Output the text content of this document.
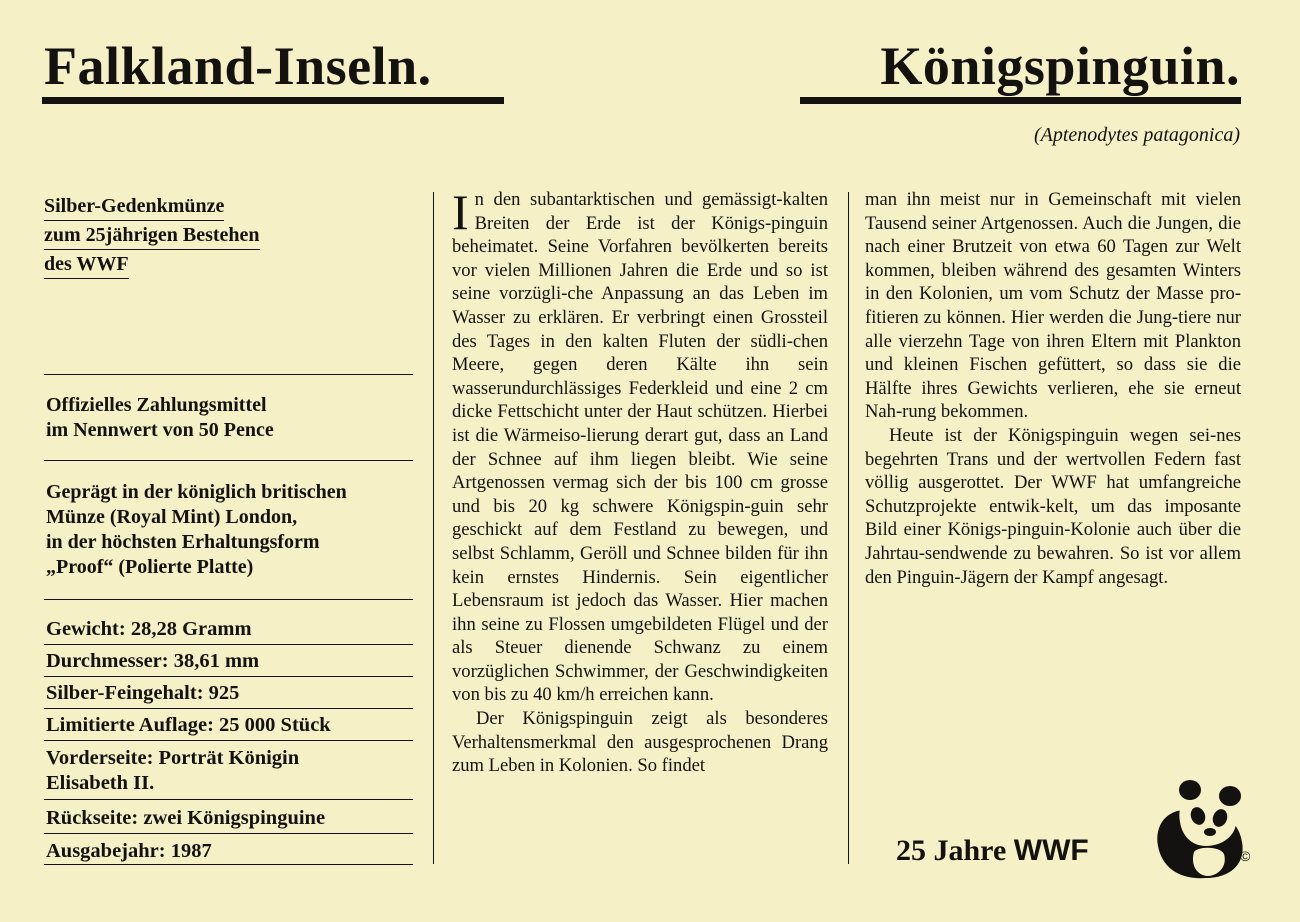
Falkland-Inseln.	Königspinguin.
(Aptenodytes patagonica)
Silber-Gedenkmünze
zum 25jährigen Bestehen
des WWF
Offizielles Zahlungsmittel
im Nennwert von 50 Pence
Geprägt in der königlich britischen
Münze (Royal Mint) London,
in der höchsten Erhaltungsform
„Proof“ (Polierte Platte)
Gewicht: 28,28 Gramm
Durchmesser: 38,61 mm
Silber-Feingehalt: 925
Limitierte Auflage: 25 000 Stück
Vorderseite: Porträt Königin
Elisabeth II.
Rückseite: zwei Königspinguine
Ausgabejahr: 1987

In den subantarktischen und gemässigt-kalten Breiten der Erde ist der Königs-pinguin beheimatet. Seine Vorfahren bevölkerten bereits vor vielen Millionen Jahren die Erde und so ist seine vorzügli-che Anpassung an das Leben im Wasser zu erklären. Er verbringt einen Grossteil des Tages in den kalten Fluten der südli-chen Meere, gegen deren Kälte ihn sein wasserundurchlässiges Federkleid und eine 2 cm dicke Fettschicht unter der Haut schützen. Hierbei ist die Wärmeiso-lierung derart gut, dass an Land der Schnee auf ihm liegen bleibt. Wie seine Artgenossen vermag sich der bis 100 cm grosse und bis 20 kg schwere Königspin-guin sehr geschickt auf dem Festland zu bewegen, und selbst Schlamm, Geröll und Schnee bilden für ihn kein ernstes Hindernis. Sein eigentlicher Lebensraum ist jedoch das Wasser. Hier machen ihn seine zu Flossen umgebildeten Flügel und der als Steuer dienende Schwanz zu einem vorzüglichen Schwimmer, der Geschwindigkeiten von bis zu 40 km/h erreichen kann.

Der Königspinguin zeigt als besonderes Verhaltensmerkmal den ausgesprochenen Drang zum Leben in Kolonien. So findet

man ihn meist nur in Gemeinschaft mit vielen Tausend seiner Artgenossen. Auch die Jungen, die nach einer Brutzeit von etwa 60 Tagen zur Welt kommen, bleiben während des gesamten Winters in den Kolonien, um vom Schutz der Masse pro-fitieren zu können. Hier werden die Jung-tiere nur alle vierzehn Tage von ihren Eltern mit Plankton und kleinen Fischen gefüttert, so dass sie die Hälfte ihres Gewichts verlieren, ehe sie erneut Nah-rung bekommen.

Heute ist der Königspinguin wegen sei-nes begehrten Trans und der wertvollen Federn fast völlig ausgerottet. Der WWF hat umfangreiche Schutzprojekte entwik-kelt, um das imposante Bild einer Königs-pinguin-Kolonie auch über die Jahrtau-sendwende zu bewahren. So ist vor allem den Pinguin-Jägern der Kampf angesagt.

25 Jahre WWF	©
